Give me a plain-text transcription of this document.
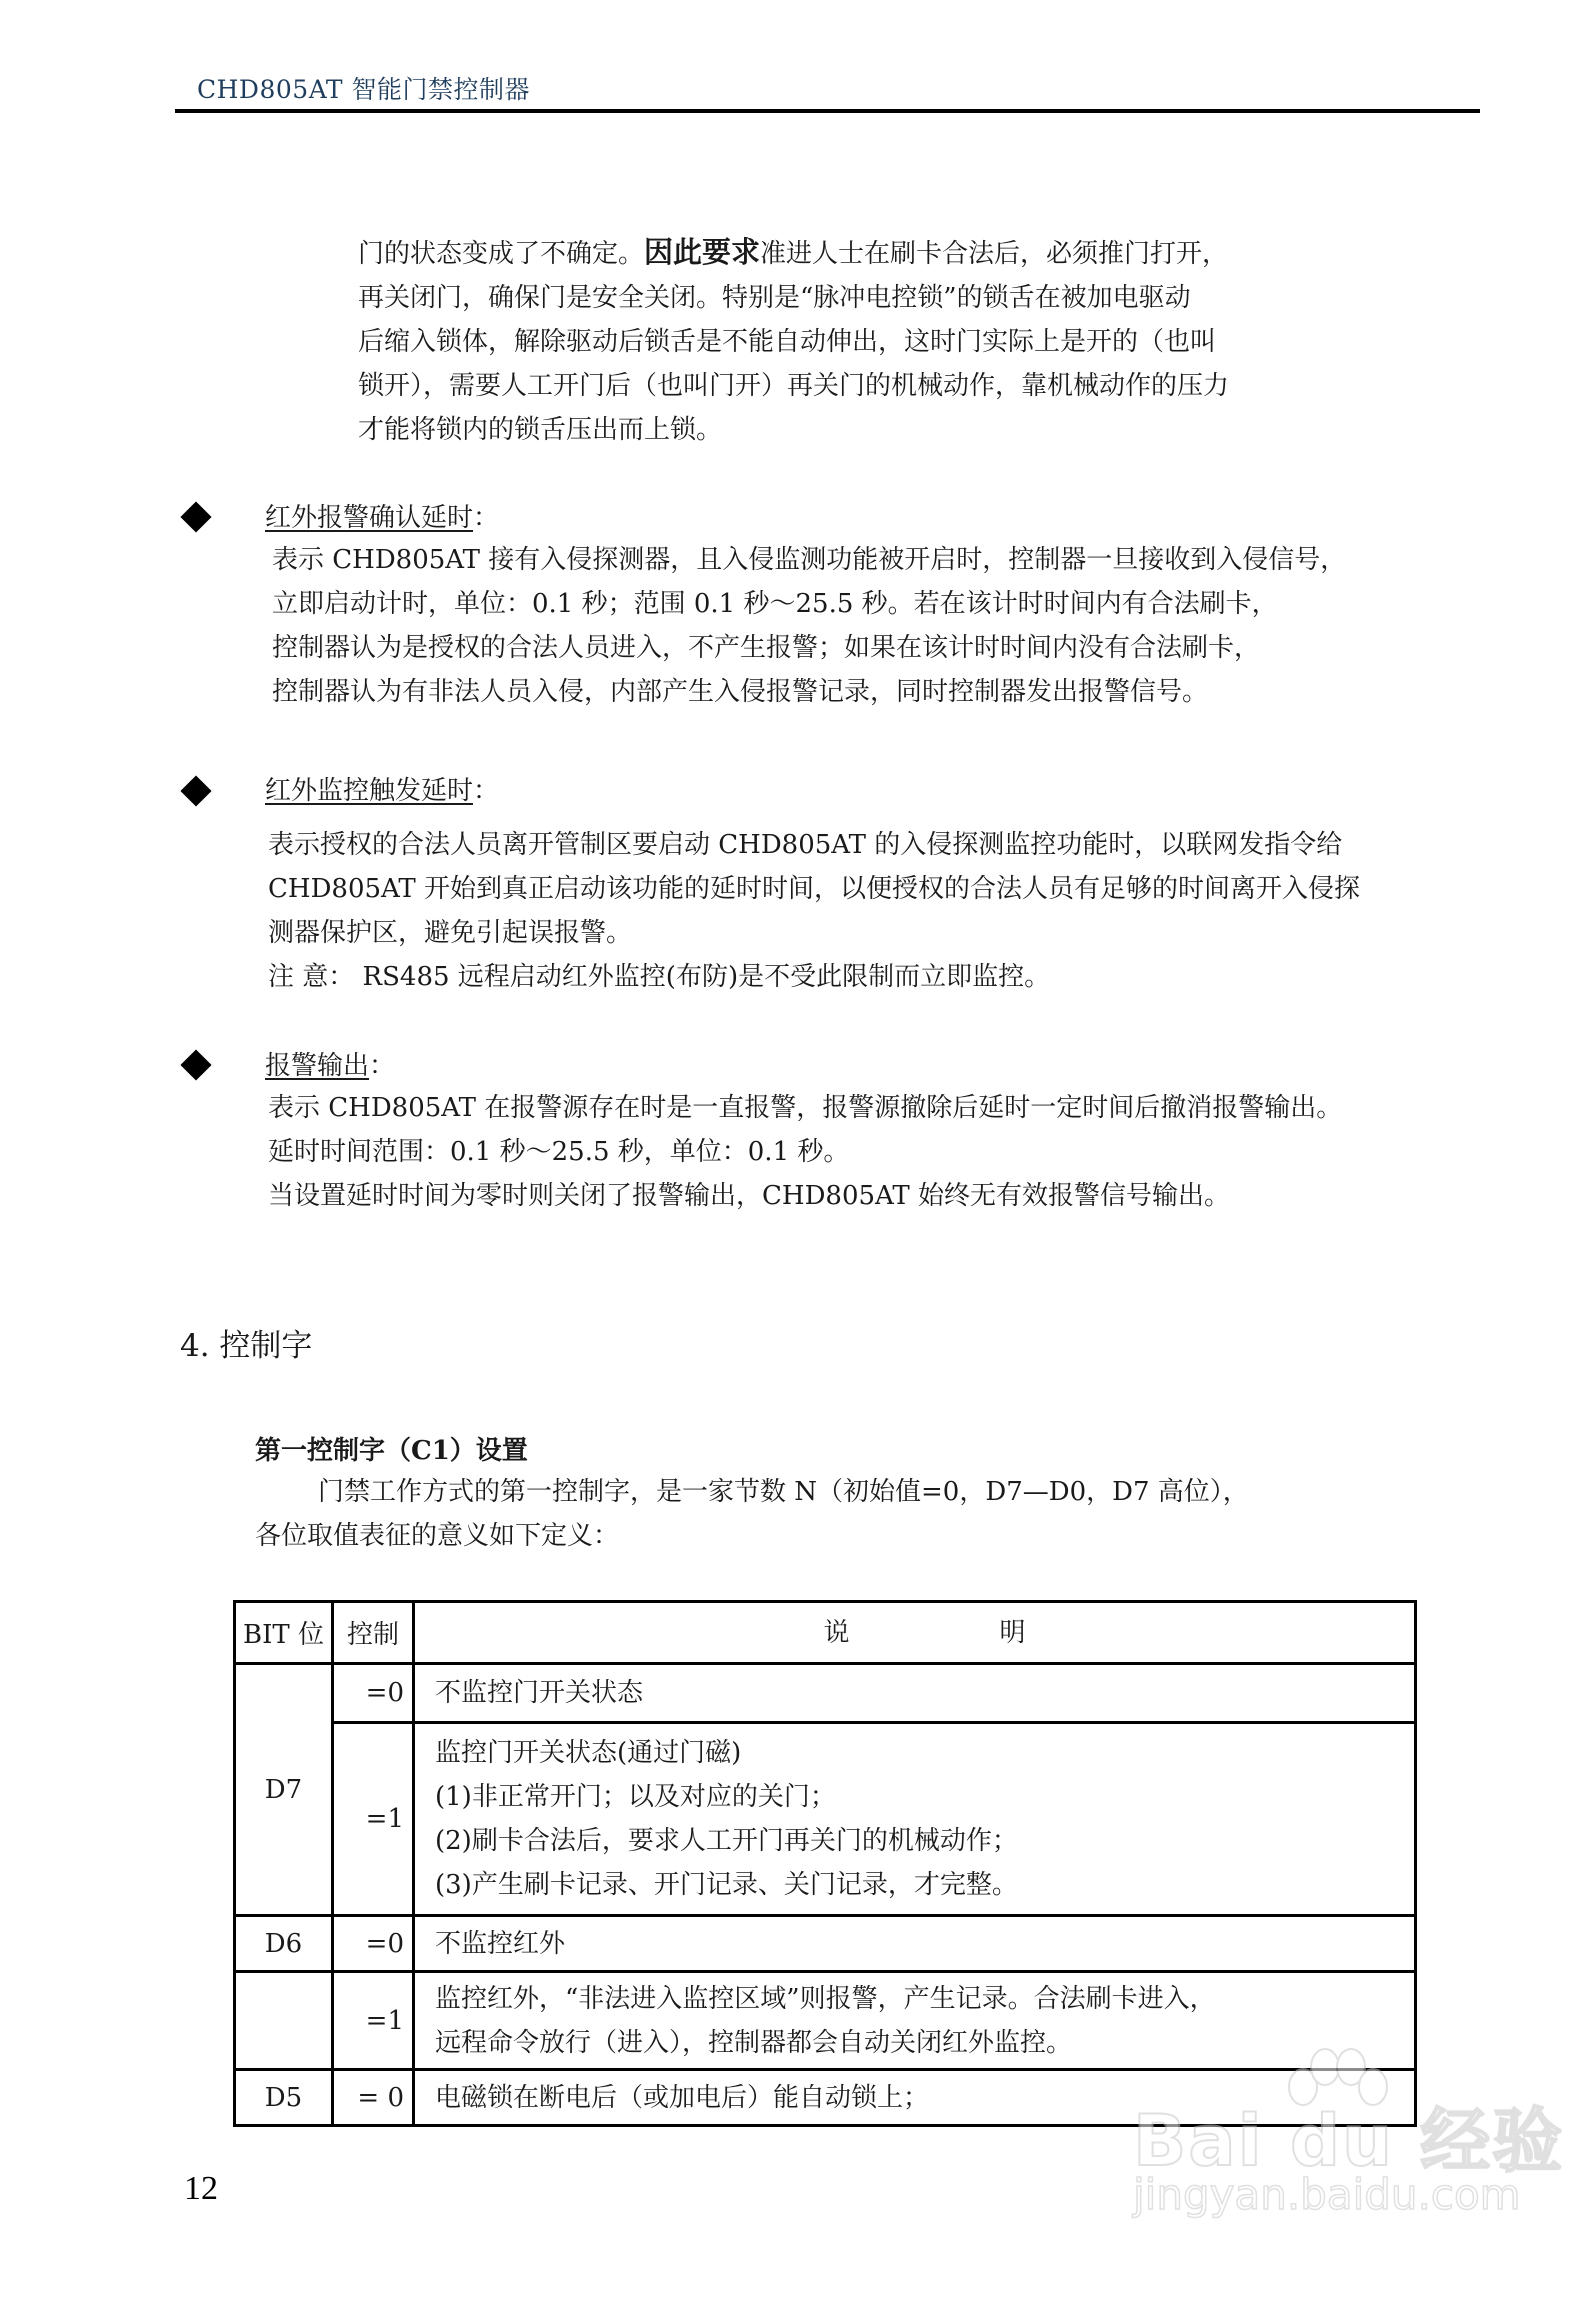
CHD805AT 智能门禁控制器
门的状态变成了不确定。因此要求准进人士在刷卡合法后，必须推门打开，
再关闭门，确保门是安全关闭。特别是“脉冲电控锁”的锁舌在被加电驱动
后缩入锁体，解除驱动后锁舌是不能自动伸出，这时门实际上是开的（也叫
锁开），需要人工开门后（也叫门开）再关门的机械动作，靠机械动作的压力
才能将锁内的锁舌压出而上锁。
红外报警确认延时：
表示 CHD805AT 接有入侵探测器，且入侵监测功能被开启时，控制器一旦接收到入侵信号，
立即启动计时，单位：0.1 秒；范围 0.1 秒～25.5 秒。若在该计时时间内有合法刷卡，
控制器认为是授权的合法人员进入，不产生报警；如果在该计时时间内没有合法刷卡，
控制器认为有非法人员入侵，内部产生入侵报警记录，同时控制器发出报警信号。
红外监控触发延时：
表示授权的合法人员离开管制区要启动 CHD805AT 的入侵探测监控功能时，以联网发指令给
CHD805AT 开始到真正启动该功能的延时时间，以便授权的合法人员有足够的时间离开入侵探
测器保护区，避免引起误报警。
注 意： RS485 远程启动红外监控(布防)是不受此限制而立即监控。
报警输出：
表示 CHD805AT 在报警源存在时是一直报警，报警源撤除后延时一定时间后撤消报警输出。
延时时间范围：0.1 秒～25.5 秒，单位：0.1 秒。
当设置延时时间为零时则关闭了报警输出，CHD805AT 始终无有效报警信号输出。
4. 控制字
第一控制字（C1）设置
门禁工作方式的第一控制字，是一家节数 N（初始值=0，D7—D0，D7 高位），
各位取值表征的意义如下定义：
BIT 位	控制	说 明
D7	=0	不监控门开关状态
	=1	监控门开关状态(通过门磁)
(1)非正常开门；以及对应的关门；
(2)刷卡合法后，要求人工开门再关门的机械动作；
(3)产生刷卡记录、开门记录、关门记录，才完整。

D6	=0	不监控红外
	=1	监控红外，“非法进入监控区域”则报警，产生记录。合法刷卡进入，
远程命令放行（进入），控制器都会自动关闭红外监控。

D5	= 0	电磁锁在断电后（或加电后）能自动锁上；
12
Bai du 经验
jingyan.baidu.com
